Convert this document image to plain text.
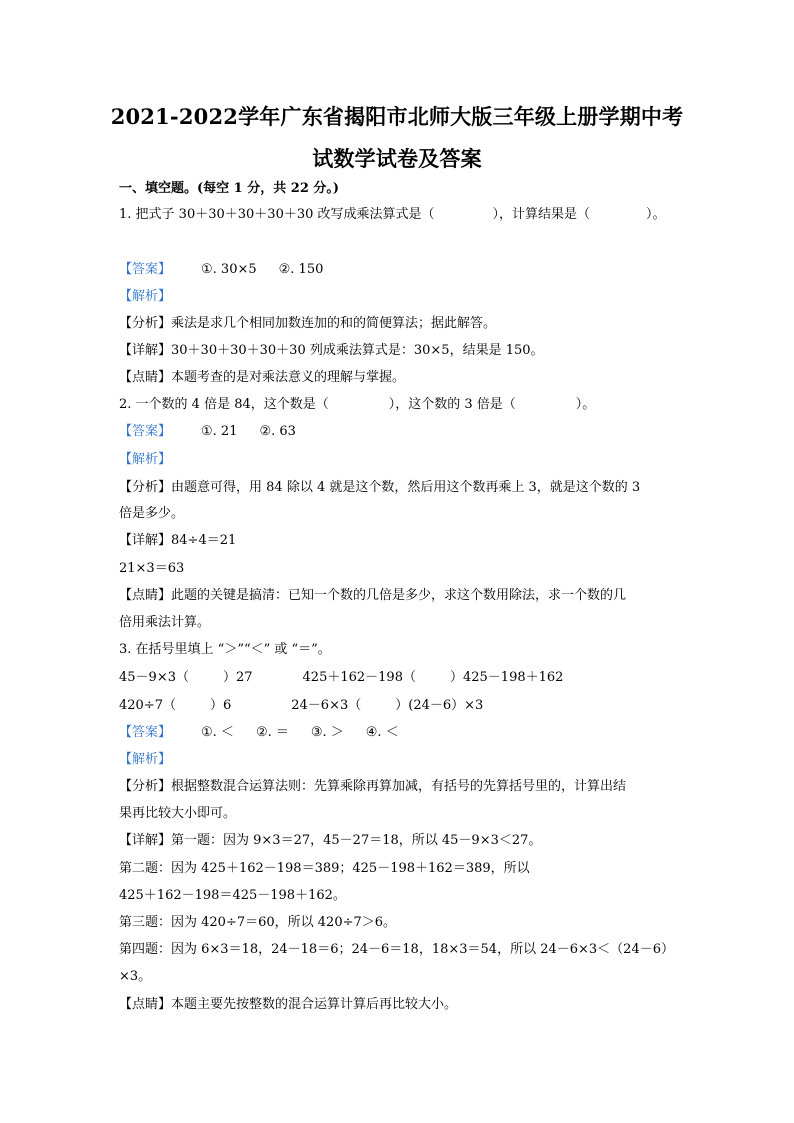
2021-2022学年广东省揭阳市北师大版三年级上册学期中考
试数学试卷及答案
一、填空题。(每空 1 分，共 22 分。)
1. 把式子 30＋30＋30＋30＋30 改写成乘法算式是（	），计算结果是（	）。
【答案】 ①. 30×5 ②. 150
【解析】
【分析】乘法是求几个相同加数连加的和的简便算法；据此解答。
【详解】30＋30＋30＋30＋30 列成乘法算式是：30×5，结果是 150。
【点睛】本题考查的是对乘法意义的理解与掌握。
2. 一个数的 4 倍是 84，这个数是（	），这个数的 3 倍是（	）。
【答案】 ①. 21 ②. 63
【解析】
【分析】由题意可得，用 84 除以 4 就是这个数，然后用这个数再乘上 3，就是这个数的 3
倍是多少。
【详解】84÷4＝21
21×3＝63
【点睛】此题的关键是搞清：已知一个数的几倍是多少，求这个数用除法，求一个数的几
倍用乘法计算。
3. 在括号里填上 “＞”“＜” 或 “＝”。
45－9×3（	）27	425＋162－198（	）425－198＋162
420÷7（	）6	24－6×3（	）(24－6）×3
【答案】 ①. ＜ ②. ＝ ③. ＞ ④. ＜
【解析】
【分析】根据整数混合运算法则：先算乘除再算加减，有括号的先算括号里的，计算出结
果再比较大小即可。
【详解】第一题：因为 9×3＝27，45－27＝18，所以 45－9×3＜27。
第二题：因为 425＋162－198＝389；425－198＋162＝389，所以
425＋162－198＝425－198＋162。
第三题：因为 420÷7＝60，所以 420÷7＞6。
第四题：因为 6×3＝18，24－18＝6；24－6＝18，18×3＝54，所以 24－6×3＜（24－6）
×3。
【点睛】本题主要先按整数的混合运算计算后再比较大小。
